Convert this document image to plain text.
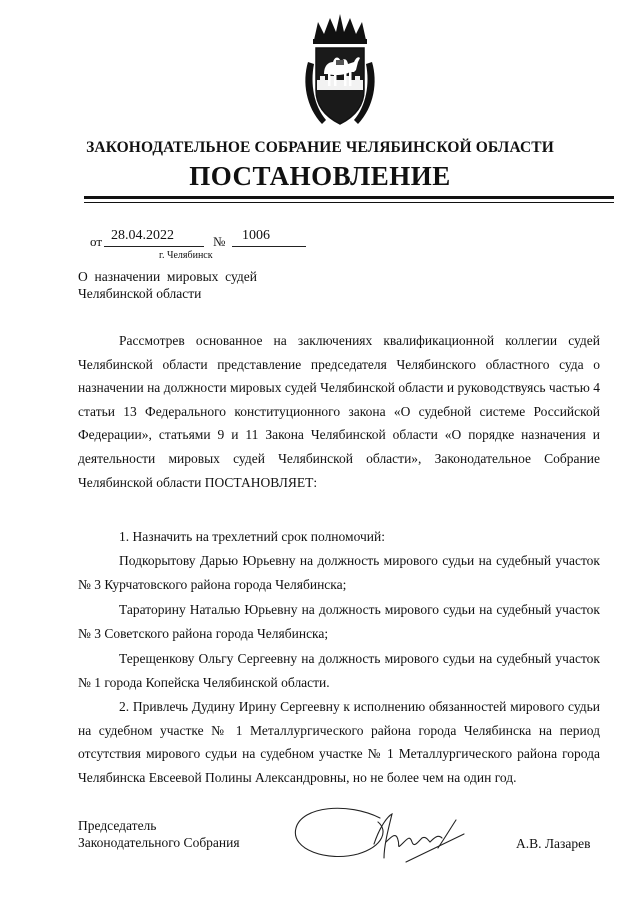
ЗАКОНОДАТЕЛЬНОЕ СОБРАНИЕ ЧЕЛЯБИНСКОЙ ОБЛАСТИ
ПОСТАНОВЛЕНИЕ
от 28.04.2022	№ 1006
г. Челябинск
О  назначении  мировых  судей
Челябинской области

Рассмотрев основанное на заключениях квалификационной коллегии судей Челябинской области представление председателя Челябинского областного суда о назначении на должности мировых судей Челябинской области и руководствуясь частью 4 статьи 13 Федерального конституционного закона «О судебной системе Российской Федерации», статьями 9 и 11 Закона Челябинской области «О порядке назначения и деятельности мировых судей Челябинской области», Законодательное Собрание Челябинской области ПОСТАНОВЛЯЕТ:

1. Назначить на трехлетний срок полномочий:

Подкорытову Дарью Юрьевну на должность мирового судьи на судебный участок № 3 Курчатовского района города Челябинска;

Тараторину Наталью Юрьевну на должность мирового судьи на судебный участок № 3 Советского района города Челябинска;

Терещенкову Ольгу Сергеевну на должность мирового судьи на судебный участок № 1 города Копейска Челябинской области.

2. Привлечь Дудину Ирину Сергеевну к исполнению обязанностей мирового судьи на судебном участке № 1 Металлургического района города Челябинска на период отсутствия мирового судьи на судебном участке № 1 Металлургического района города Челябинска Евсеевой Полины Александровны, но не более чем на один год.

Председатель
Законодательного Собрания	А.В. Лазарев
